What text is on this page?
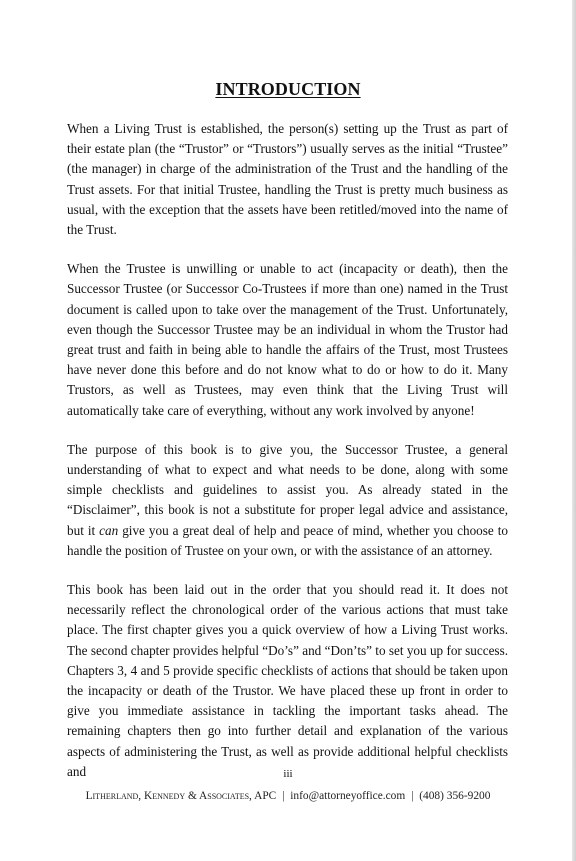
INTRODUCTION

When a Living Trust is established, the person(s) setting up the Trust as part of their estate plan (the “Trustor” or “Trustors”) usually serves as the initial “Trustee” (the manager) in charge of the administration of the Trust and the handling of the Trust assets. For that initial Trustee, handling the Trust is pretty much business as usual, with the exception that the assets have been retitled/moved into the name of the Trust.

When the Trustee is unwilling or unable to act (incapacity or death), then the Successor Trustee (or Successor Co-Trustees if more than one) named in the Trust document is called upon to take over the management of the Trust. Unfortunately, even though the Successor Trustee may be an individual in whom the Trustor had great trust and faith in being able to handle the affairs of the Trust, most Trustees have never done this before and do not know what to do or how to do it. Many Trustors, as well as Trustees, may even think that the Living Trust will automatically take care of everything, without any work involved by anyone!

The purpose of this book is to give you, the Successor Trustee, a general understanding of what to expect and what needs to be done, along with some simple checklists and guidelines to assist you. As already stated in the “Disclaimer”, this book is not a substitute for proper legal advice and assistance, but it can give you a great deal of help and peace of mind, whether you choose to handle the position of Trustee on your own, or with the assistance of an attorney.

This book has been laid out in the order that you should read it. It does not necessarily reflect the chronological order of the various actions that must take place. The first chapter gives you a quick overview of how a Living Trust works. The second chapter provides helpful “Do’s” and “Don’ts” to set you up for success. Chapters 3, 4 and 5 provide specific checklists of actions that should be taken upon the incapacity or death of the Trustor. We have placed these up front in order to give you immediate assistance in tackling the important tasks ahead. The remaining chapters then go into further detail and explanation of the various aspects of administering the Trust, as well as provide additional helpful checklists and	iii
Litherland, Kennedy & Associates, APC | info@attorneyoffice.com | (408) 356-9200
